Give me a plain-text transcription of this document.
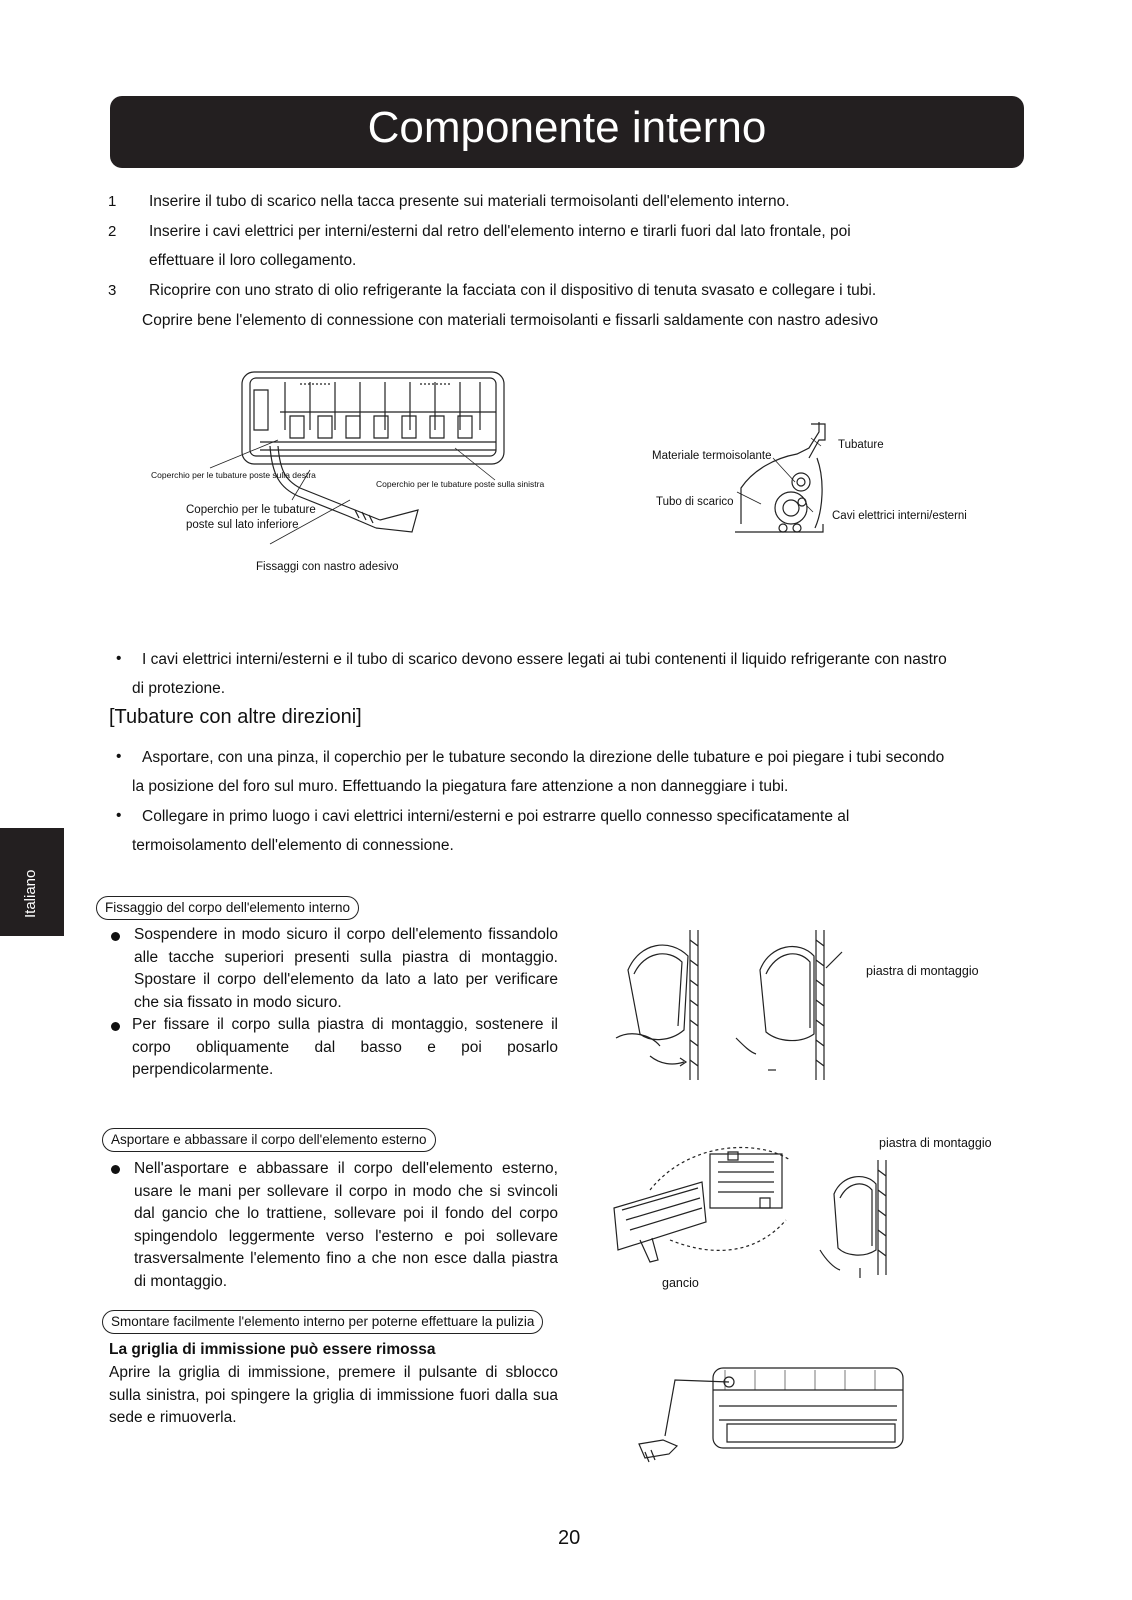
Componente interno
1 Inserire il tubo di scarico nella tacca presente sui materiali termoisolanti dell'elemento interno.
2 Inserire i cavi elettrici per interni/esterni dal retro dell'elemento interno e tirarli fuori dal lato frontale, poi
effettuare il loro collegamento.
3 Ricoprire con uno strato di olio refrigerante la facciata con il dispositivo di tenuta svasato e collegare i tubi.
Coprire bene l'elemento di connessione con materiali termoisolanti e fissarli saldamente con nastro adesivo
Coperchio per le tubature poste sulla destra
Coperchio per le tubature poste sulla sinistra
Coperchio per le tubature poste sul lato inferiore
Fissaggi con nastro adesivo
Materiale termoisolante
Tubature
Tubo di scarico
Cavi elettrici interni/esterni
• I cavi elettrici interni/esterni e il tubo di scarico devono essere legati ai tubi contenenti il liquido refrigerante con nastro
di protezione.
[Tubature con altre direzioni]
• Asportare, con una pinza, il coperchio per le tubature secondo la direzione delle tubature e poi piegare i tubi secondo
la posizione del foro sul muro. Effettuando la piegatura fare attenzione a non danneggiare i tubi.
• Collegare in primo luogo i cavi elettrici interni/esterni e poi estrarre quello connesso specificatamente al
termoisolamento dell'elemento di connessione.
Italiano	Fissaggio del corpo dell'elemento interno
Sospendere in modo sicuro il corpo dell'elemento fissandolo alle tacche superiori presenti sulla piastra di montaggio. Spostare il corpo dell'elemento da lato a lato per verificare che sia fissato in modo sicuro.
Per fissare il corpo sulla piastra di montaggio, sostenere il corpo obliquamente dal basso e poi posarlo perpendicolarmente.
piastra di montaggio
Asportare e abbassare il corpo dell'elemento esterno
Nell'asportare e abbassare il corpo dell'elemento esterno, usare le mani per sollevare il corpo in modo che si svincoli dal gancio che lo trattiene, sollevare poi il fondo del corpo spingendolo leggermente verso l'esterno e poi sollevare trasversalmente l'elemento fino a che non esce dalla piastra di montaggio.
piastra di montaggio
gancio
Smontare facilmente l'elemento interno per poterne effettuare la pulizia
La griglia di immissione può essere rimossa
Aprire la griglia di immissione, premere il pulsante di sblocco sulla sinistra, poi spingere la griglia di immissione fuori dalla sua sede e rimuoverla.
20
